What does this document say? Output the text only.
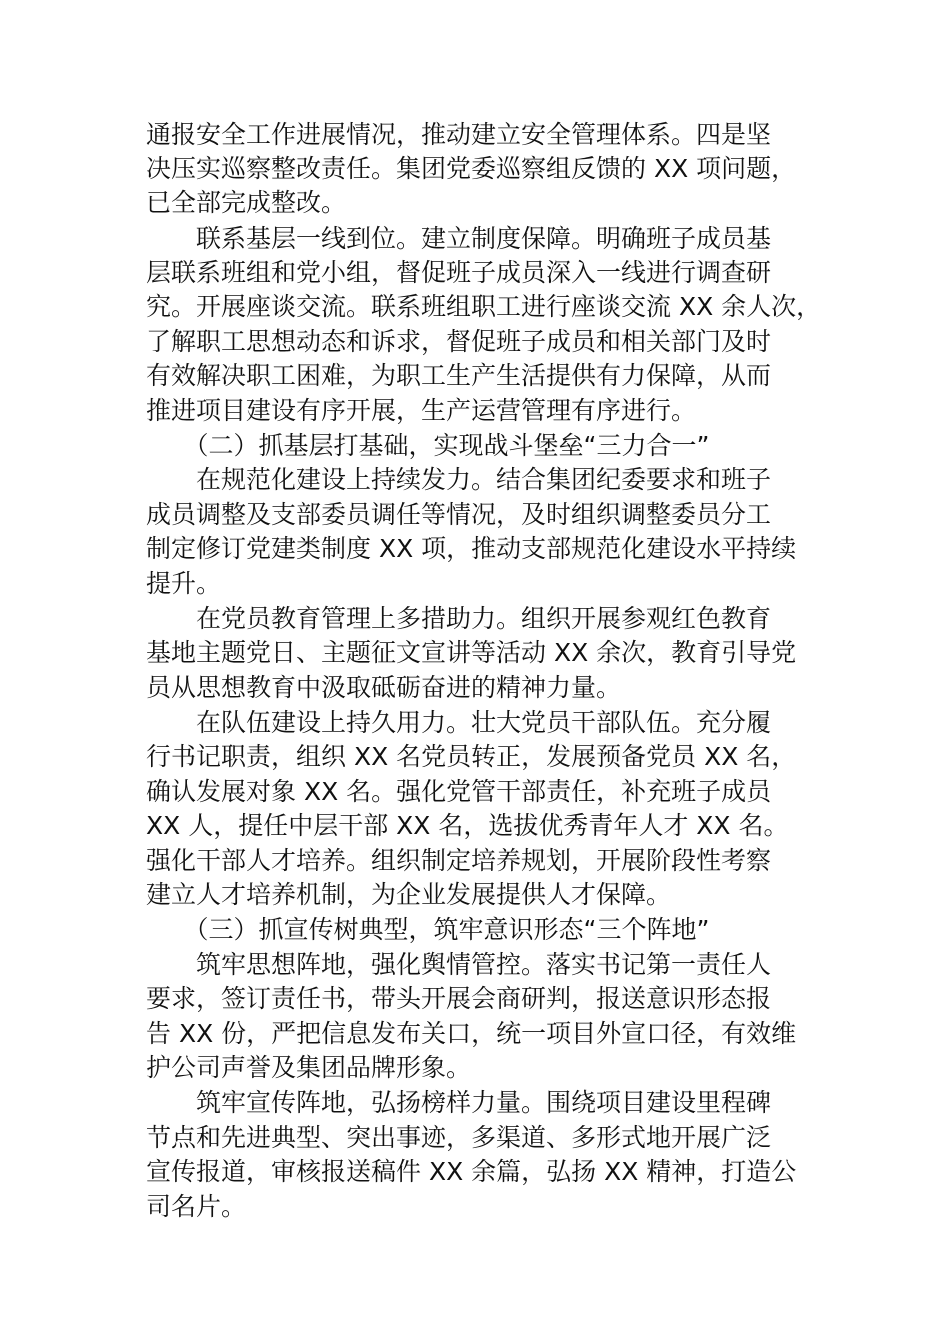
通报安全工作进展情况，推动建立安全管理体系。四是坚
决压实巡察整改责任。集团党委巡察组反馈的 XX 项问题，
已全部完成整改。
　　联系基层一线到位。建立制度保障。明确班子成员基
层联系班组和党小组，督促班子成员深入一线进行调查研
究。开展座谈交流。联系班组职工进行座谈交流 XX 余人次，
了解职工思想动态和诉求，督促班子成员和相关部门及时
有效解决职工困难，为职工生产生活提供有力保障，从而
推进项目建设有序开展，生产运营管理有序进行。
　　（二）抓基层打基础，实现战斗堡垒“三力合一”
　　在规范化建设上持续发力。结合集团纪委要求和班子
成员调整及支部委员调任等情况，及时组织调整委员分工
制定修订党建类制度 XX 项，推动支部规范化建设水平持续
提升。
　　在党员教育管理上多措助力。组织开展参观红色教育
基地主题党日、主题征文宣讲等活动 XX 余次，教育引导党
员从思想教育中汲取砥砺奋进的精神力量。
　　在队伍建设上持久用力。壮大党员干部队伍。充分履
行书记职责，组织 XX 名党员转正，发展预备党员 XX 名，
确认发展对象 XX 名。强化党管干部责任，补充班子成员
XX 人，提任中层干部 XX 名，选拔优秀青年人才 XX 名。
强化干部人才培养。组织制定培养规划，开展阶段性考察
建立人才培养机制，为企业发展提供人才保障。
　　（三）抓宣传树典型，筑牢意识形态“三个阵地”
　　筑牢思想阵地，强化舆情管控。落实书记第一责任人
要求，签订责任书，带头开展会商研判，报送意识形态报
告 XX 份，严把信息发布关口，统一项目外宣口径，有效维
护公司声誉及集团品牌形象。
　　筑牢宣传阵地，弘扬榜样力量。围绕项目建设里程碑
节点和先进典型、突出事迹，多渠道、多形式地开展广泛
宣传报道，审核报送稿件 XX 余篇，弘扬 XX 精神，打造公
司名片。
